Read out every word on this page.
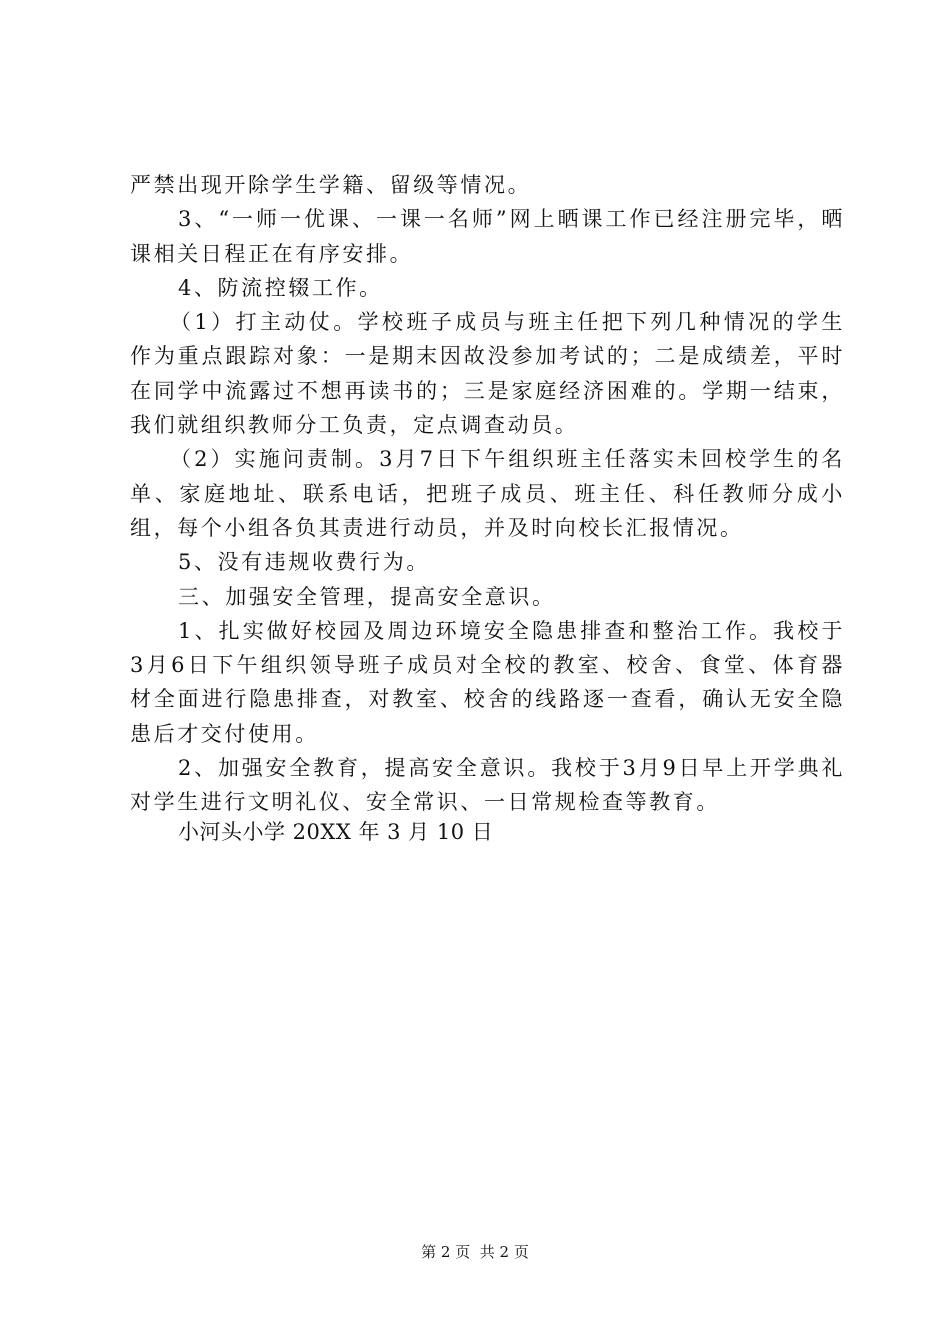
严禁出现开除学生学籍、留级等情况。

3、“一师一优课、一课一名师”网上晒课工作已经注册完毕，晒课相关日程正在有序安排。

4、防流控辍工作。

（1）打主动仗。学校班子成员与班主任把下列几种情况的学生作为重点跟踪对象：一是期末因故没参加考试的；二是成绩差，平时在同学中流露过不想再读书的；三是家庭经济困难的。学期一结束，我们就组织教师分工负责，定点调查动员。

（2）实施问责制。3月7日下午组织班主任落实未回校学生的名单、家庭地址、联系电话，把班子成员、班主任、科任教师分成小组，每个小组各负其责进行动员，并及时向校长汇报情况。

5、没有违规收费行为。

三、加强安全管理，提高安全意识。

1、扎实做好校园及周边环境安全隐患排查和整治工作。我校于3月6日下午组织领导班子成员对全校的教室、校舍、食堂、体育器材全面进行隐患排查，对教室、校舍的线路逐一查看，确认无安全隐患后才交付使用。

2、加强安全教育，提高安全意识。我校于3月9日早上开学典礼对学生进行文明礼仪、安全常识、一日常规检查等教育。

小河头小学 20XX 年 3 月 10 日
第 2 页  共 2 页
